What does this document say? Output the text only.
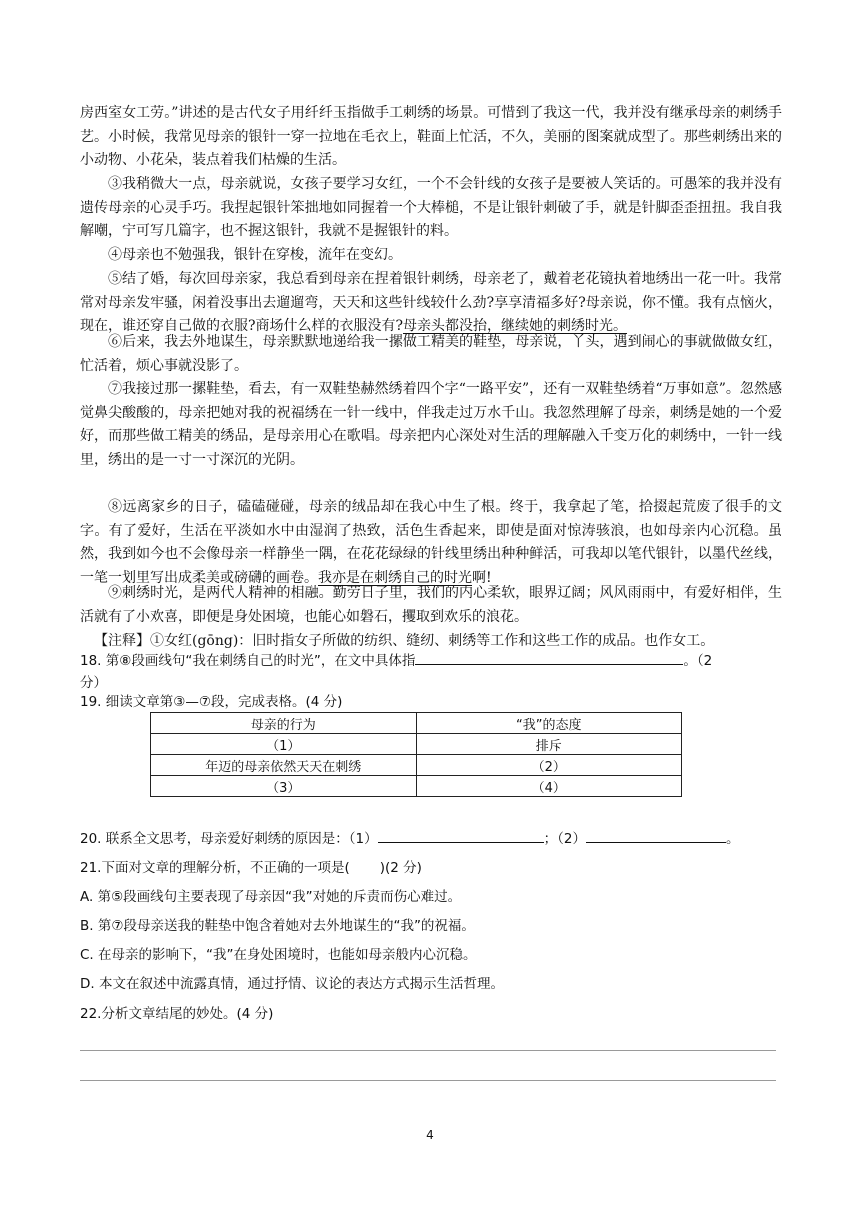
房西室女工劳。”讲述的是古代女子用纤纤玉指做手工刺绣的场景。可惜到了我这一代，我并没有继承母亲的刺绣手艺。小时候，我常见母亲的银针一穿一拉地在毛衣上，鞋面上忙活，不久，美丽的图案就成型了。那些刺绣出来的小动物、小花朵，装点着我们枯燥的生活。
③我稍微大一点，母亲就说，女孩子要学习女红，一个不会针线的女孩子是要被人笑话的。可愚笨的我并没有遗传母亲的心灵手巧。我捏起银针笨拙地如同握着一个大棒槌，不是让银针刺破了手，就是针脚歪歪扭扭。我自我解嘲，宁可写几篇字，也不握这银针，我就不是握银针的料。
④母亲也不勉强我，银针在穿梭，流年在变幻。
⑤结了婚，每次回母亲家，我总看到母亲在捏着银针刺绣，母亲老了，戴着老花镜执着地绣出一花一叶。我常常对母亲发牢骚，闲着没事出去遛遛弯，天天和这些针线较什么劲?享享清福多好?母亲说，你不懂。我有点恼火，现在，谁还穿自己做的衣服?商场什么样的衣服没有?母亲头都没抬，继续她的刺绣时光。
⑥后来，我去外地谋生，母亲默默地递给我一摞做工精美的鞋垫，母亲说，丫头，遇到闹心的事就做做女红，忙活着，烦心事就没影了。
⑦我接过那一摞鞋垫，看去，有一双鞋垫赫然绣着四个字“一路平安”，还有一双鞋垫绣着“万事如意”。忽然感觉鼻尖酸酸的，母亲把她对我的祝福绣在一针一线中，伴我走过万水千山。我忽然理解了母亲，刺绣是她的一个爱好，而那些做工精美的绣品，是母亲用心在歌唱。母亲把内心深处对生活的理解融入千变万化的刺绣中，一针一线里，绣出的是一寸一寸深沉的光阴。
⑧远离家乡的日子，磕磕碰碰，母亲的绒品却在我心中生了根。终于，我拿起了笔，拾掇起荒废了很手的文字。有了爱好，生活在平淡如水中由湿润了热致，活色生香起来，即使是面对惊涛骇浪，也如母亲内心沉稳。虽然，我到如今也不会像母亲一样静坐一隅，在花花绿绿的针线里绣出种种鲜活，可我却以笔代银针，以墨代丝线，一笔一划里写出成柔美或磅礴的画卷。我亦是在刺绣自己的时光啊!
⑨刺绣时光，是两代人精神的相融。勤劳日子里，我们的内心柔软，眼界辽阔；风风雨雨中，有爱好相伴，生活就有了小欢喜，即便是身处困境，也能心如磐石，攫取到欢乐的浪花。
【注释】①女红(gōng)：旧时指女子所做的纺织、缝纫、刺绣等工作和这些工作的成品。也作女工。
18. 第⑧段画线句“我在刺绣自己的时光”，在文中具体指	。（2
分）
19. 细读文章第③—⑦段，完成表格。(4 分)
母亲的行为	“我”的态度
（1）	排斥
年迈的母亲依然天天在刺绣	（2）
（3）	（4）
20. 联系全文思考，母亲爱好刺绣的原因是：（1）	；（2）	。
21.下面对文章的理解分析，不正确的一项是( )(2 分)
A. 第⑤段画线句主要表现了母亲因“我”对她的斥责而伤心难过。
B. 第⑦段母亲送我的鞋垫中饱含着她对去外地谋生的“我”的祝福。
C. 在母亲的影响下，“我”在身处困境时，也能如母亲般内心沉稳。
D. 本文在叙述中流露真情，通过抒情、议论的表达方式揭示生活哲理。
22.分析文章结尾的妙处。(4 分)
4
